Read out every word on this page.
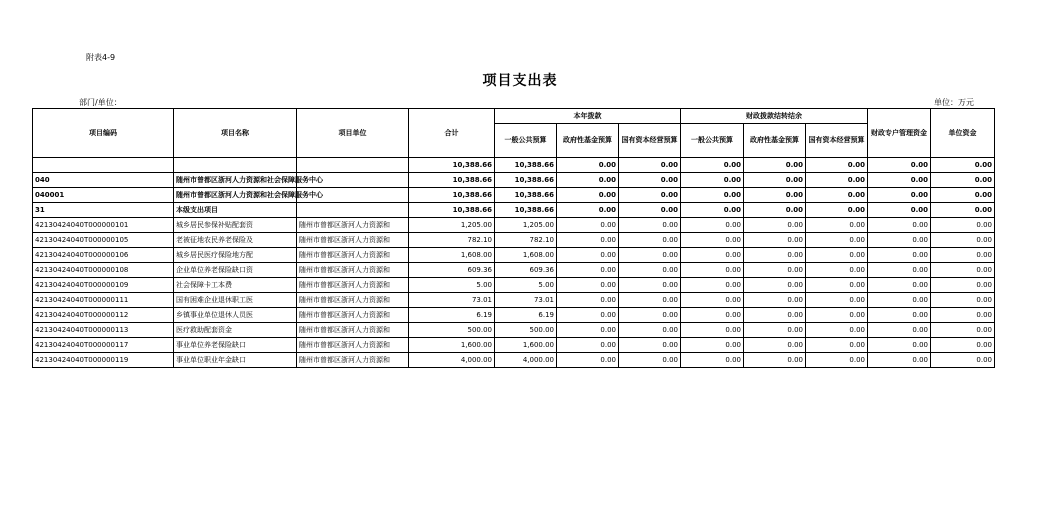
附表4-9
项目支出表
部门/单位：	单位：万元
项目编码	项目名称	项目单位	合计	本年拨款			财政拨款结转结余			财政专户管理资金	单位资金
				一般公共预算	政府性基金预算	国有资本经营预算	一般公共预算	政府性基金预算	国有资本经营预算		
			10,388.66	10,388.66	0.00	0.00	0.00	0.00	0.00	0.00	0.00
040	随州市曾都区浙河人力资源和社会保障服务中心		10,388.66	10,388.66	0.00	0.00	0.00	0.00	0.00	0.00	0.00
040001	随州市曾都区浙河人力资源和社会保障服务中心		10,388.66	10,388.66	0.00	0.00	0.00	0.00	0.00	0.00	0.00
31	本级支出项目		10,388.66	10,388.66	0.00	0.00	0.00	0.00	0.00	0.00	0.00
42130424040T000000101	城乡居民参保补贴配套资	随州市曾都区浙河人力资源和	1,205.00	1,205.00	0.00	0.00	0.00	0.00	0.00	0.00	0.00
42130424040T000000105	老被征地农民养老保险及	随州市曾都区浙河人力资源和	782.10	782.10	0.00	0.00	0.00	0.00	0.00	0.00	0.00
42130424040T000000106	城乡居民医疗保险地方配	随州市曾都区浙河人力资源和	1,608.00	1,608.00	0.00	0.00	0.00	0.00	0.00	0.00	0.00
42130424040T000000108	企业单位养老保险缺口资	随州市曾都区浙河人力资源和	609.36	609.36	0.00	0.00	0.00	0.00	0.00	0.00	0.00
42130424040T000000109	社会保障卡工本费	随州市曾都区浙河人力资源和	5.00	5.00	0.00	0.00	0.00	0.00	0.00	0.00	0.00
42130424040T000000111	国有困难企业退休职工医	随州市曾都区浙河人力资源和	73.01	73.01	0.00	0.00	0.00	0.00	0.00	0.00	0.00
42130424040T000000112	乡镇事业单位退休人员医	随州市曾都区浙河人力资源和	6.19	6.19	0.00	0.00	0.00	0.00	0.00	0.00	0.00
42130424040T000000113	医疗救助配套资金	随州市曾都区浙河人力资源和	500.00	500.00	0.00	0.00	0.00	0.00	0.00	0.00	0.00
42130424040T000000117	事业单位养老保险缺口	随州市曾都区浙河人力资源和	1,600.00	1,600.00	0.00	0.00	0.00	0.00	0.00	0.00	0.00
42130424040T000000119	事业单位职业年金缺口	随州市曾都区浙河人力资源和	4,000.00	4,000.00	0.00	0.00	0.00	0.00	0.00	0.00	0.00
